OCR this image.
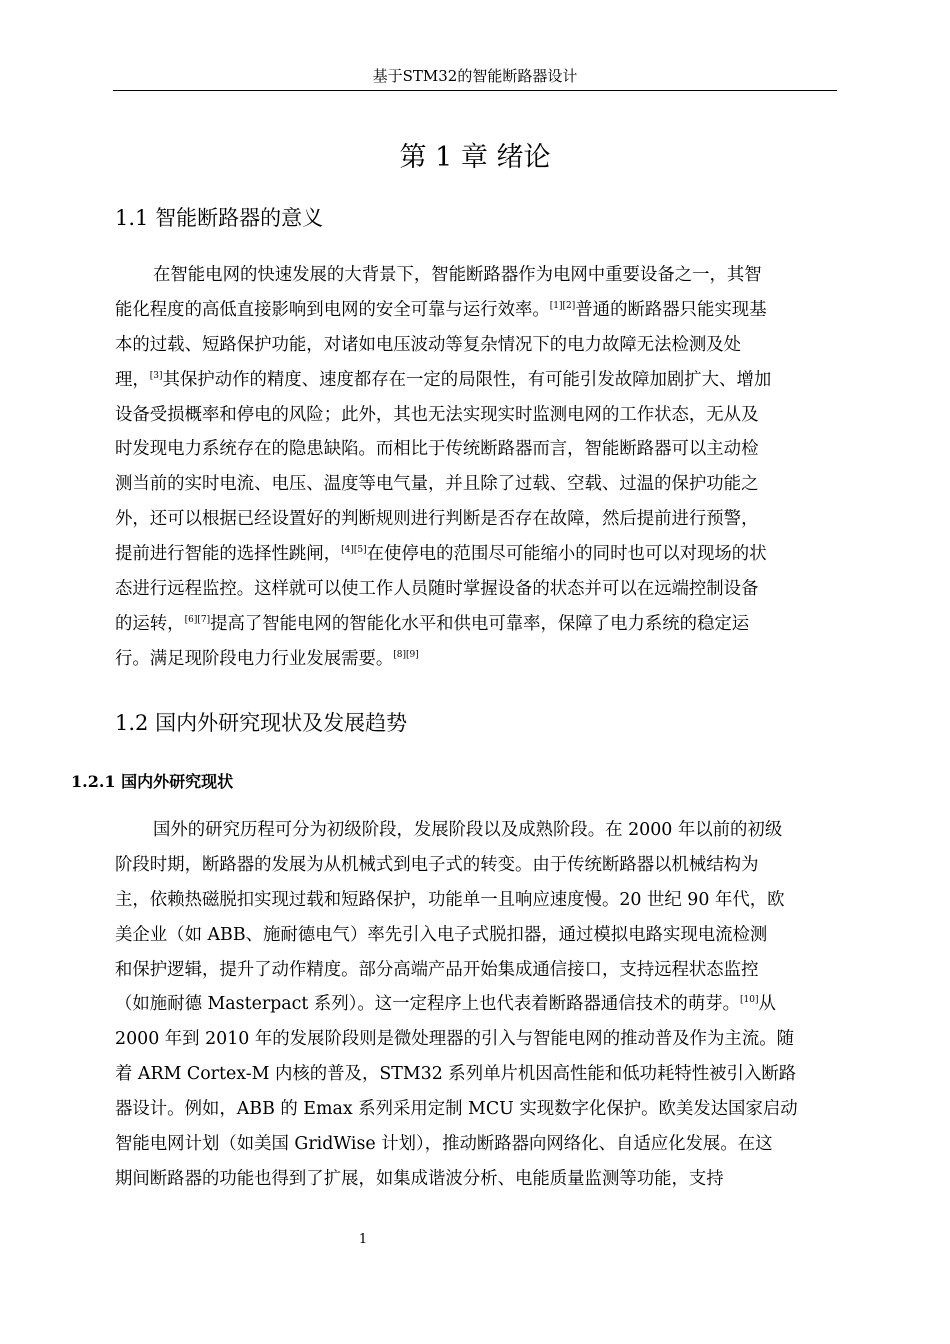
基于STM32的智能断路器设计
第 1 章 绪论
1.1 智能断路器的意义
在智能电网的快速发展的大背景下，智能断路器作为电网中重要设备之一，其智
能化程度的高低直接影响到电网的安全可靠与运行效率。[1][2]普通的断路器只能实现基
本的过载、短路保护功能，对诸如电压波动等复杂情况下的电力故障无法检测及处
理，[3]其保护动作的精度、速度都存在一定的局限性，有可能引发故障加剧扩大、增加
设备受损概率和停电的风险；此外，其也无法实现实时监测电网的工作状态，无从及
时发现电力系统存在的隐患缺陷。而相比于传统断路器而言，智能断路器可以主动检
测当前的实时电流、电压、温度等电气量，并且除了过载、空载、过温的保护功能之
外，还可以根据已经设置好的判断规则进行判断是否存在故障，然后提前进行预警，
提前进行智能的选择性跳闸，[4][5]在使停电的范围尽可能缩小的同时也可以对现场的状
态进行远程监控。这样就可以使工作人员随时掌握设备的状态并可以在远端控制设备
的运转，[6][7]提高了智能电网的智能化水平和供电可靠率，保障了电力系统的稳定运
行。满足现阶段电力行业发展需要。[8][9]
1.2 国内外研究现状及发展趋势
1.2.1 国内外研究现状
国外的研究历程可分为初级阶段，发展阶段以及成熟阶段。在 2000 年以前的初级
阶段时期，断路器的发展为从机械式到电子式的转变。由于传统断路器以机械结构为
主，依赖热磁脱扣实现过载和短路保护，功能单一且响应速度慢。20 世纪 90 年代，欧
美企业（如 ABB、施耐德电气）率先引入电子式脱扣器，通过模拟电路实现电流检测
和保护逻辑，提升了动作精度。部分高端产品开始集成通信接口，支持远程状态监控
（如施耐德 Masterpact 系列）。这一定程序上也代表着断路器通信技术的萌芽。[10]从
2000 年到 2010 年的发展阶段则是微处理器的引入与智能电网的推动普及作为主流。随
着 ARM Cortex-M 内核的普及，STM32 系列单片机因高性能和低功耗特性被引入断路
器设计。例如，ABB 的 Emax 系列采用定制 MCU 实现数字化保护。欧美发达国家启动
智能电网计划（如美国 GridWise 计划），推动断路器向网络化、自适应化发展。在这
期间断路器的功能也得到了扩展，如集成谐波分析、电能质量监测等功能，支持
1
